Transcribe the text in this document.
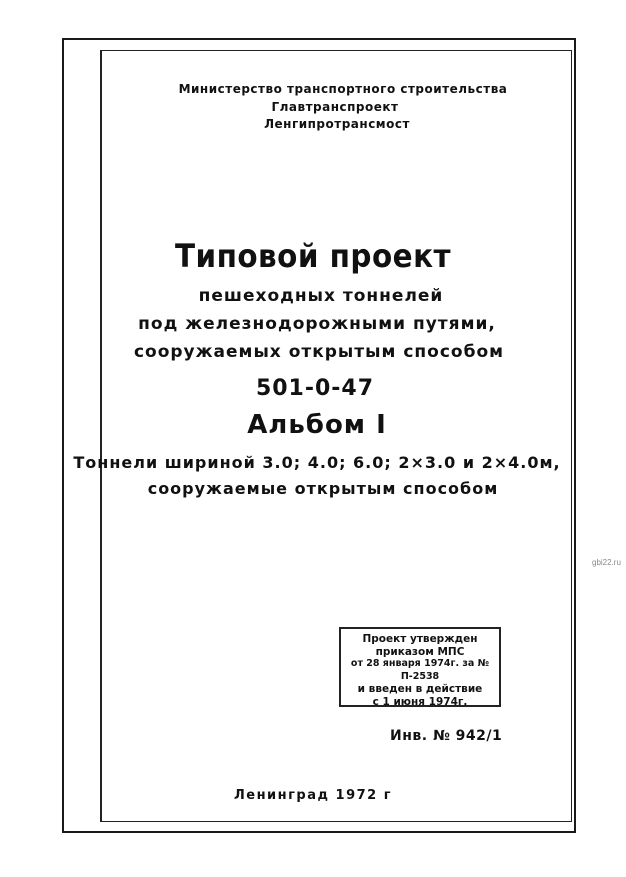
Министерство транспортного строительства
Главтранспроект
Ленгипротрансмост
Типовой проект
пешеходных тоннелей
под железнодорожными путями,
сооружаемых открытым способом
501-0-47
Альбом I
Тоннели шириной 3.0; 4.0; 6.0; 2×3.0 и 2×4.0м,
сооружаемые открытым способом
Проект утвержден
приказом МПС
от 28 января 1974г. за № П-2538
и введен в действие
с 1 июня 1974г.
Инв. № 942/1
Ленинград 1972 г
gbi22.ru
